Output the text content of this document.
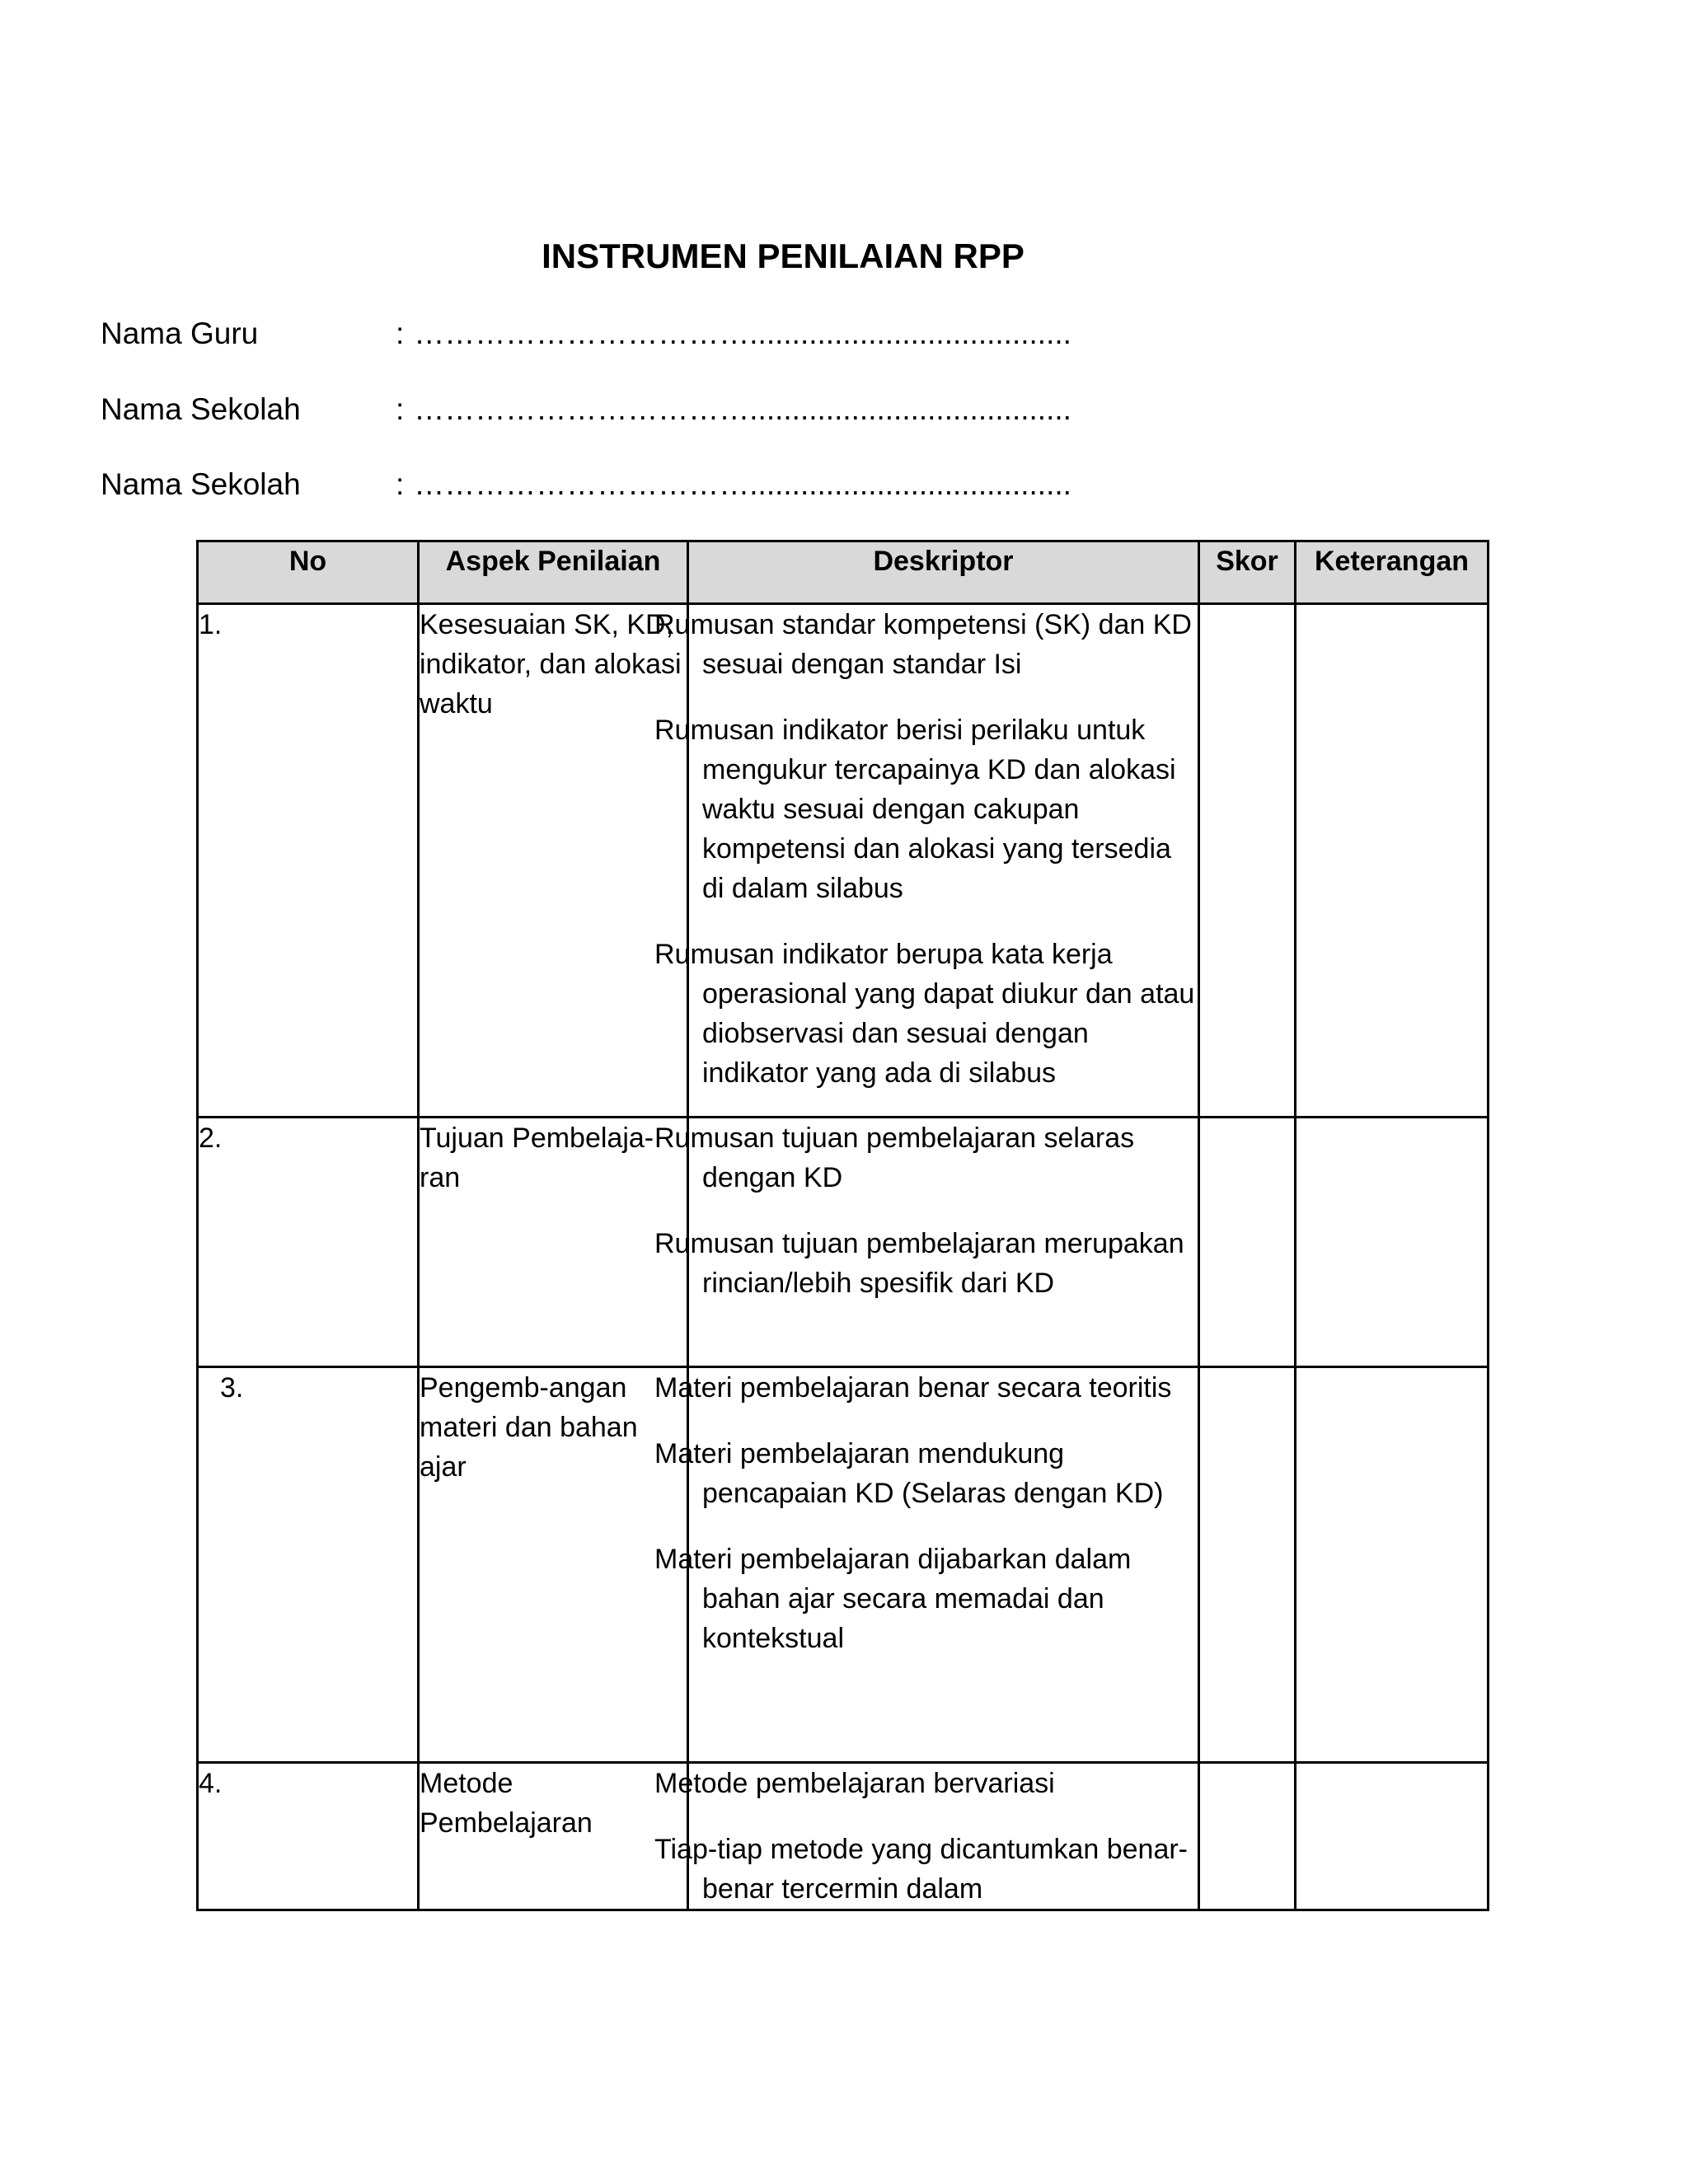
INSTRUMEN PENILAIAN RPP
Nama Guru	: ……………………………......................................
Nama Sekolah	: ……………………………......................................
Nama Sekolah	: ……………………………......................................
No	Aspek Penilaian	Deskriptor	Skor	Keterangan
1.	Kesesuaian SK, KD, indikator, dan alokasi waktu	Rumusan standar kompetensi (SK) dan KD sesuai dengan standar Isi
Rumusan indikator berisi perilaku untuk mengukur tercapainya KD dan alokasi waktu sesuai dengan cakupan kompetensi dan alokasi yang tersedia di dalam silabus
Rumusan indikator berupa kata kerja operasional yang dapat diukur dan atau diobservasi dan sesuai dengan indikator yang ada di silabus		

2.	Tujuan Pembelaja-ran	Rumusan tujuan pembelajaran selaras dengan KD
Rumusan tujuan pembelajaran merupakan rincian/lebih spesifik dari KD		

3.	Pengemb-angan materi dan bahan ajar	Materi pembelajaran benar secara teoritis
Materi pembelajaran mendukung pencapaian KD (Selaras dengan KD)
Materi pembelajaran dijabarkan dalam bahan ajar secara memadai dan kontekstual		

4.	Metode Pembelajaran	Metode pembelajaran bervariasi
Tiap-tiap metode yang dicantumkan benar-benar tercermin dalam		
